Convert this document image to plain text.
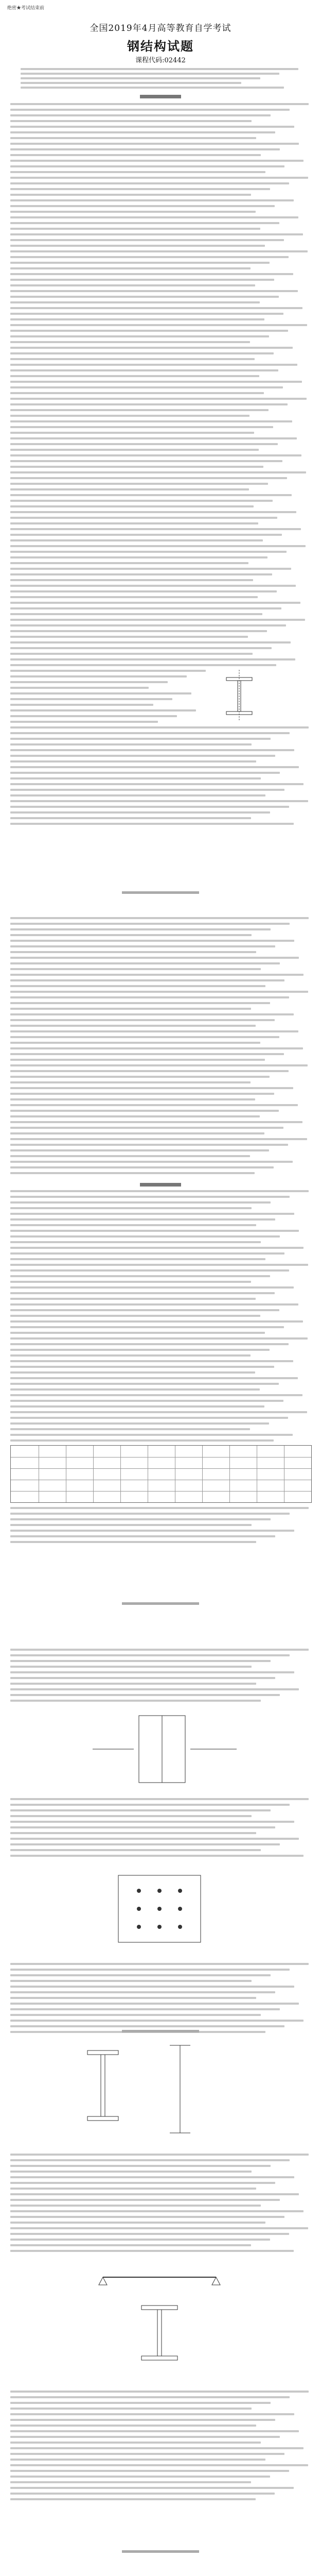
绝密★考试结束前
全国2019年4月高等教育自学考试
钢结构试题
课程代码:02442
